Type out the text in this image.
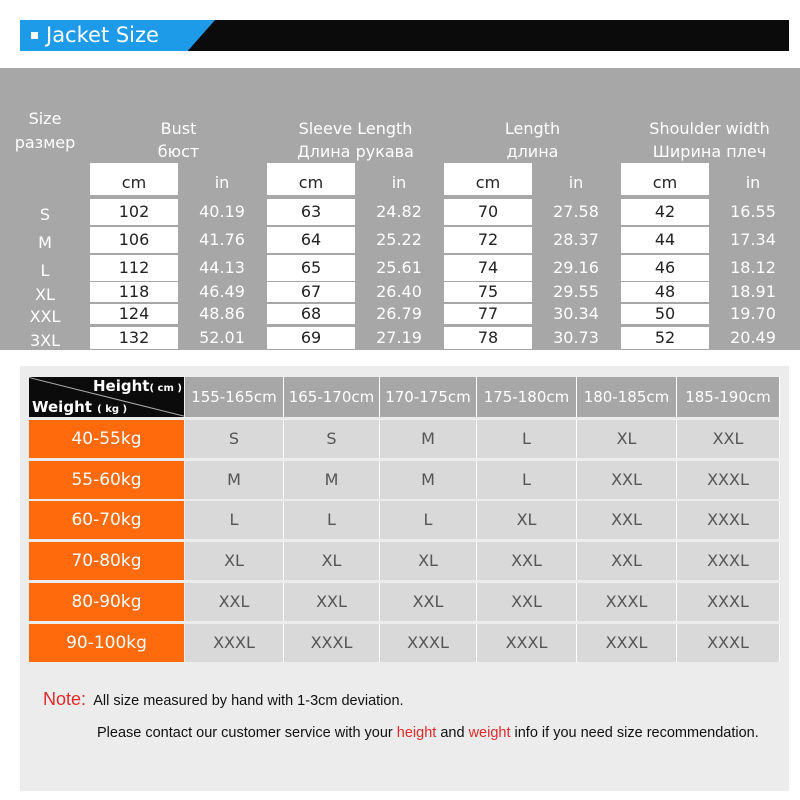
Jacket Size
Size
размер
Bust
бюст
cm	in
Sleeve Length
Длина рукава
cm	in
Length
длина
cm	in
Shoulder width
Ширина плеч
cm	in
S	102	40.19	63	24.82	70	27.58	42	16.55
M	106	41.76	64	25.22	72	28.37	44	17.34
L	112	44.13	65	25.61	74	29.16	46	18.12
XL	118	46.49	67	26.40	75	29.55	48	18.91
XXL	124	48.86	68	26.79	77	30.34	50	19.70
3XL	132	52.01	69	27.19	78	30.73	52	20.49
Height( cm )
Weight ( kg )
155-165cm 165-170cm 170-175cm 175-180cm 180-185cm	185-190cm
40-55kg	S	S	M	L	XL	XXL
55-60kg	M	M	M	L	XXL	XXXL
60-70kg	L	L	L	XL	XXL	XXXL
70-80kg	XL	XL	XL	XXL	XXL	XXXL
80-90kg	XXL	XXL	XXL	XXL	XXXL	XXXL
90-100kg	XXXL	XXXL	XXXL	XXXL	XXXL	XXXL
Note: All size measured by hand with 1-3cm deviation.
Please contact our customer service with your height and weight info if you need size recommendation.
